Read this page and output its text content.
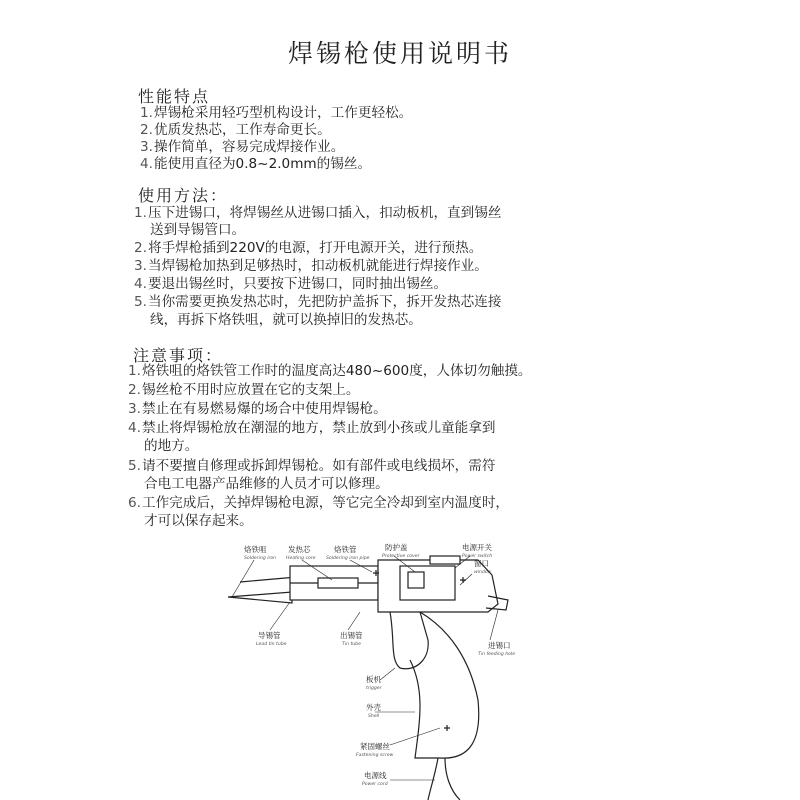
焊锡枪使用说明书
性能特点
1.焊锡枪采用轻巧型机构设计，工作更轻松。
2.优质发热芯，工作寿命更长。
3.操作简单，容易完成焊接作业。
4.能使用直径为0.8~2.0mm的锡丝。
使用方法：
1.压下进锡口，将焊锡丝从进锡口插入，扣动板机，直到锡丝
送到导锡管口。
2.将手焊枪插到220V的电源，打开电源开关，进行预热。
3.当焊锡枪加热到足够热时，扣动板机就能进行焊接作业。
4.要退出锡丝时，只要按下进锡口，同时抽出锡丝。
5.当你需要更换发热芯时，先把防护盖拆下，拆开发热芯连接
线，再拆下烙铁咀，就可以换掉旧的发热芯。
注意事项：
1.烙铁咀的烙铁管工作时的温度高达480~600度，人体切勿触摸。
2.锡丝枪不用时应放置在它的支架上。
3.禁止在有易燃易爆的场合中使用焊锡枪。
4.禁止将焊锡枪放在潮湿的地方，禁止放到小孩或儿童能拿到
的地方。
5.请不要擅自修理或拆卸焊锡枪。如有部件或电线损坏，需符
合电工电器产品维修的人员才可以修理。
6.工作完成后，关掉焊锡枪电源，等它完全冷却到室内温度时，
才可以保存起来。
烙铁咀
Soldering iron
发热芯
Heating core
烙铁管
Soldering iron pipe
防护盖
Protective cover
电源开关
Power switch
窗口
window
导锡管
Lead tin tube
出锡管
Tin tube	进锡口
Tin feeding hole
板机
trigger
外壳
Shell
紧固螺丝
Fastening screw
电源线
Power cord
